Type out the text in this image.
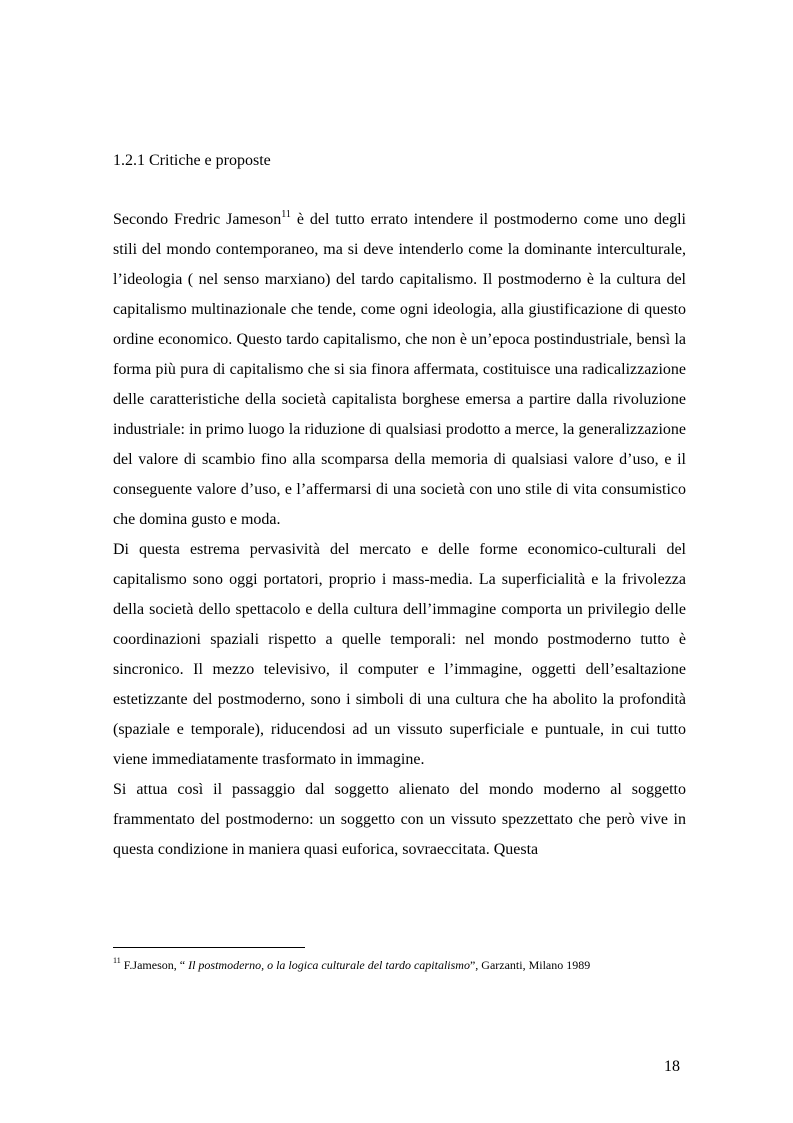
1.2.1 Critiche e proposte

Secondo Fredric Jameson$^{11}$ è del tutto errato intendere il postmoderno come uno degli stili del mondo contemporaneo, ma si deve intenderlo come la dominante interculturale, l’ideologia ( nel senso marxiano) del tardo capitalismo. Il postmoderno è la cultura del capitalismo multinazionale che tende, come ogni ideologia, alla giustificazione di questo ordine economico. Questo tardo capitalismo, che non è un’epoca postindustriale, bensì la forma più pura di capitalismo che si sia finora affermata, costituisce una radicalizzazione delle caratteristiche della società capitalista borghese emersa a partire dalla rivoluzione industriale: in primo luogo la riduzione di qualsiasi prodotto a merce, la generalizzazione del valore di scambio fino alla scomparsa della memoria di qualsiasi valore d’uso, e il conseguente valore d’uso, e l’affermarsi di una società con uno stile di vita consumistico che domina gusto e moda.

Di questa estrema pervasività del mercato e delle forme economico-culturali del capitalismo sono oggi portatori, proprio i mass-media. La superficialità e la frivolezza della società dello spettacolo e della cultura dell’immagine comporta un privilegio delle coordinazioni spaziali rispetto a quelle temporali: nel mondo postmoderno tutto è sincronico. Il mezzo televisivo, il computer e l’immagine, oggetti dell’esaltazione estetizzante del postmoderno, sono i simboli di una cultura che ha abolito la profondità (spaziale e temporale), riducendosi ad un vissuto superficiale e puntuale, in cui tutto viene immediatamente trasformato in immagine.

Si attua così il passaggio dal soggetto alienato del mondo moderno al soggetto frammentato del postmoderno: un soggetto con un vissuto spezzettato che però vive in questa condizione in maniera quasi euforica, sovraeccitata. Questa

$^{11}$ F.Jameson, “ Il postmoderno, o la logica culturale del tardo capitalismo”, Garzanti, Milano 1989
18
